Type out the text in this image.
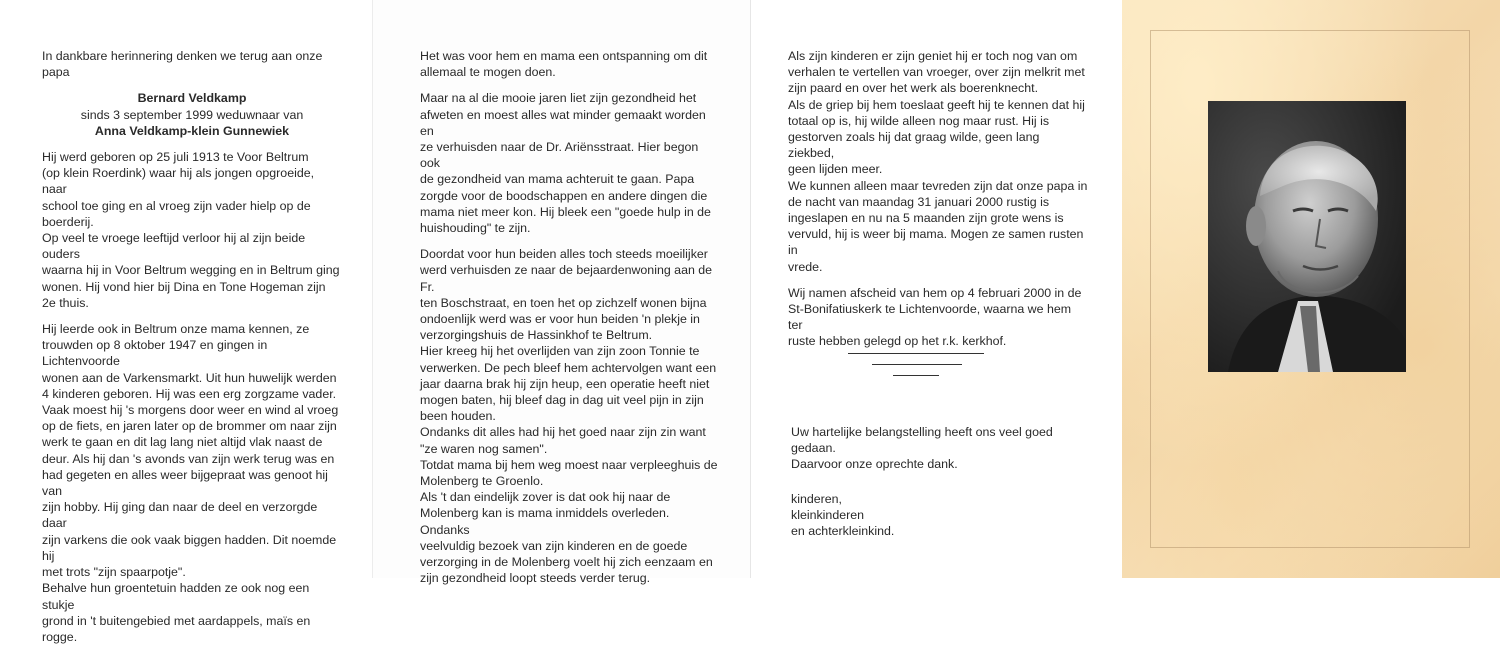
In dankbare herinnering denken we terug aan onze
papa

Bernard Veldkamp

sinds 3 september 1999 weduwnaar van

Anna Veldkamp-klein Gunnewiek

Hij werd geboren op 25 juli 1913 te Voor Beltrum
(op klein Roerdink) waar hij als jongen opgroeide, naar
school toe ging en al vroeg zijn vader hielp op de
boerderij.
Op veel te vroege leeftijd verloor hij al zijn beide ouders
waarna hij in Voor Beltrum wegging en in Beltrum ging
wonen. Hij vond hier bij Dina en Tone Hogeman zijn
2e thuis.

Hij leerde ook in Beltrum onze mama kennen, ze
trouwden op 8 oktober 1947 en gingen in Lichtenvoorde
wonen aan de Varkensmarkt. Uit hun huwelijk werden
4 kinderen geboren. Hij was een erg zorgzame vader.
Vaak moest hij 's morgens door weer en wind al vroeg
op de fiets, en jaren later op de brommer om naar zijn
werk te gaan en dit lag lang niet altijd vlak naast de
deur. Als hij dan 's avonds van zijn werk terug was en
had gegeten en alles weer bijgepraat was genoot hij van
zijn hobby. Hij ging dan naar de deel en verzorgde daar
zijn varkens die ook vaak biggen hadden. Dit noemde hij
met trots "zijn spaarpotje".
Behalve hun groentetuin hadden ze ook nog een stukje
grond in 't buitengebied met aardappels, maïs en rogge.

Het was voor hem en mama een ontspanning om dit
allemaal te mogen doen.

Maar na al die mooie jaren liet zijn gezondheid het
afweten en moest alles wat minder gemaakt worden en
ze verhuisden naar de Dr. Ariënsstraat. Hier begon ook
de gezondheid van mama achteruit te gaan. Papa
zorgde voor de boodschappen en andere dingen die
mama niet meer kon. Hij bleek een "goede hulp in de
huishouding" te zijn.

Doordat voor hun beiden alles toch steeds moeilijker
werd verhuisden ze naar de bejaardenwoning aan de Fr.
ten Boschstraat, en toen het op zichzelf wonen bijna
ondoenlijk werd was er voor hun beiden 'n plekje in
verzorgingshuis de Hassinkhof te Beltrum.
Hier kreeg hij het overlijden van zijn zoon Tonnie te
verwerken. De pech bleef hem achtervolgen want een
jaar daarna brak hij zijn heup, een operatie heeft niet
mogen baten, hij bleef dag in dag uit veel pijn in zijn
been houden.
Ondanks dit alles had hij het goed naar zijn zin want
"ze waren nog samen".
Totdat mama bij hem weg moest naar verpleeghuis de
Molenberg te Groenlo.
Als 't dan eindelijk zover is dat ook hij naar de
Molenberg kan is mama inmiddels overleden. Ondanks
veelvuldig bezoek van zijn kinderen en de goede
verzorging in de Molenberg voelt hij zich eenzaam en
zijn gezondheid loopt steeds verder terug.

Als zijn kinderen er zijn geniet hij er toch nog van om
verhalen te vertellen van vroeger, over zijn melkrit met
zijn paard en over het werk als boerenknecht.
Als de griep bij hem toeslaat geeft hij te kennen dat hij
totaal op is, hij wilde alleen nog maar rust. Hij is
gestorven zoals hij dat graag wilde, geen lang ziekbed,
geen lijden meer.
We kunnen alleen maar tevreden zijn dat onze papa in
de nacht van maandag 31 januari 2000 rustig is
ingeslapen en nu na 5 maanden zijn grote wens is
vervuld, hij is weer bij mama. Mogen ze samen rusten in
vrede.

Wij namen afscheid van hem op 4 februari 2000 in de
St-Bonifatiuskerk te Lichtenvoorde, waarna we hem ter
ruste hebben gelegd op het r.k. kerkhof.

Uw hartelijke belangstelling heeft ons veel goed gedaan.
Daarvoor onze oprechte dank.

kinderen,
kleinkinderen
en achterkleinkind.
